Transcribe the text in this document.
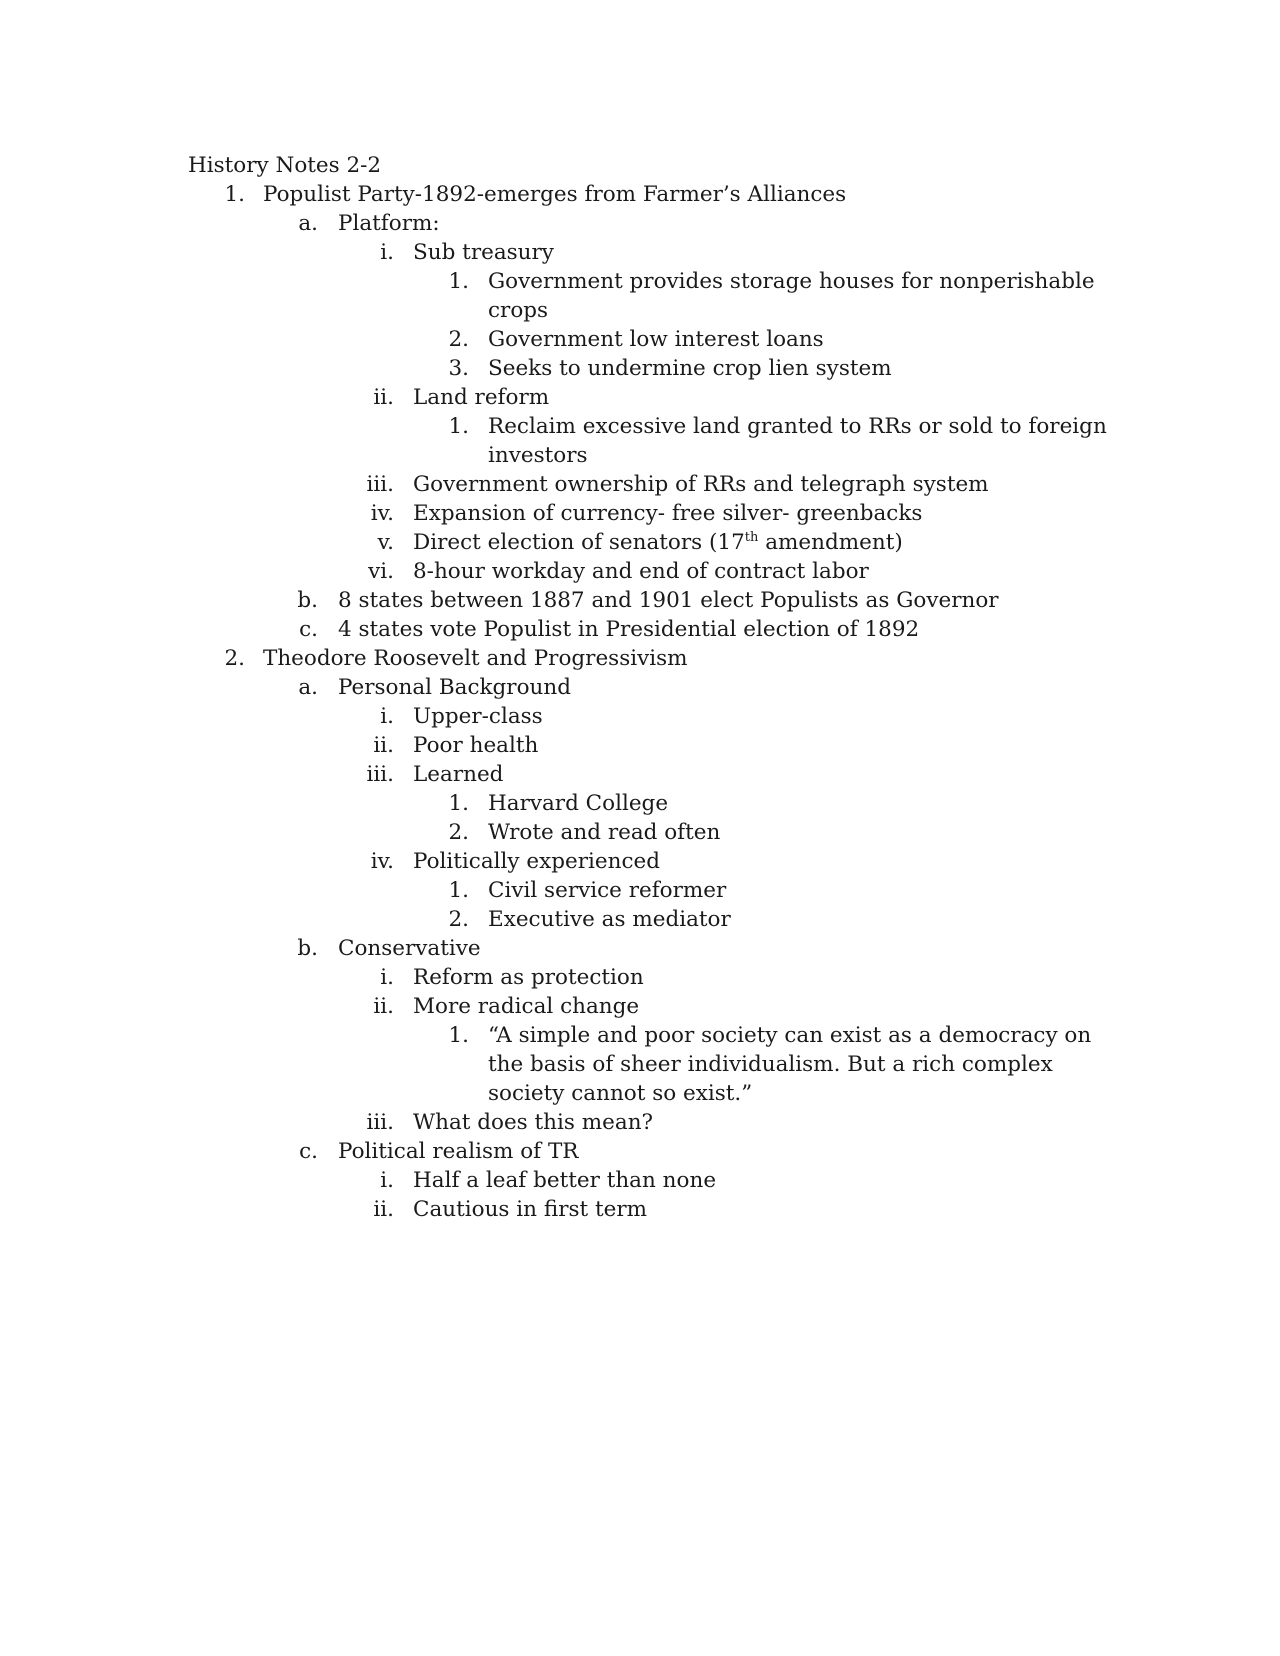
History Notes 2-2
1. Populist Party-1892-emerges from Farmer’s Alliances
a. Platform:
i. Sub treasury
1. Government provides storage houses for nonperishable
crops
2. Government low interest loans
3. Seeks to undermine crop lien system
ii. Land reform
1. Reclaim excessive land granted to RRs or sold to foreign
investors
iii. Government ownership of RRs and telegraph system
iv. Expansion of currency- free silver- greenbacks
v. Direct election of senators (17th amendment)
vi. 8-hour workday and end of contract labor
b. 8 states between 1887 and 1901 elect Populists as Governor
c. 4 states vote Populist in Presidential election of 1892
2. Theodore Roosevelt and Progressivism
a. Personal Background
i. Upper-class
ii. Poor health
iii. Learned
1. Harvard College
2. Wrote and read often
iv. Politically experienced
1. Civil service reformer
2. Executive as mediator
b. Conservative
i. Reform as protection
ii. More radical change
1. “A simple and poor society can exist as a democracy on
the basis of sheer individualism. But a rich complex
society cannot so exist.”
iii. What does this mean?
c. Political realism of TR
i. Half a leaf better than none
ii. Cautious in first term
